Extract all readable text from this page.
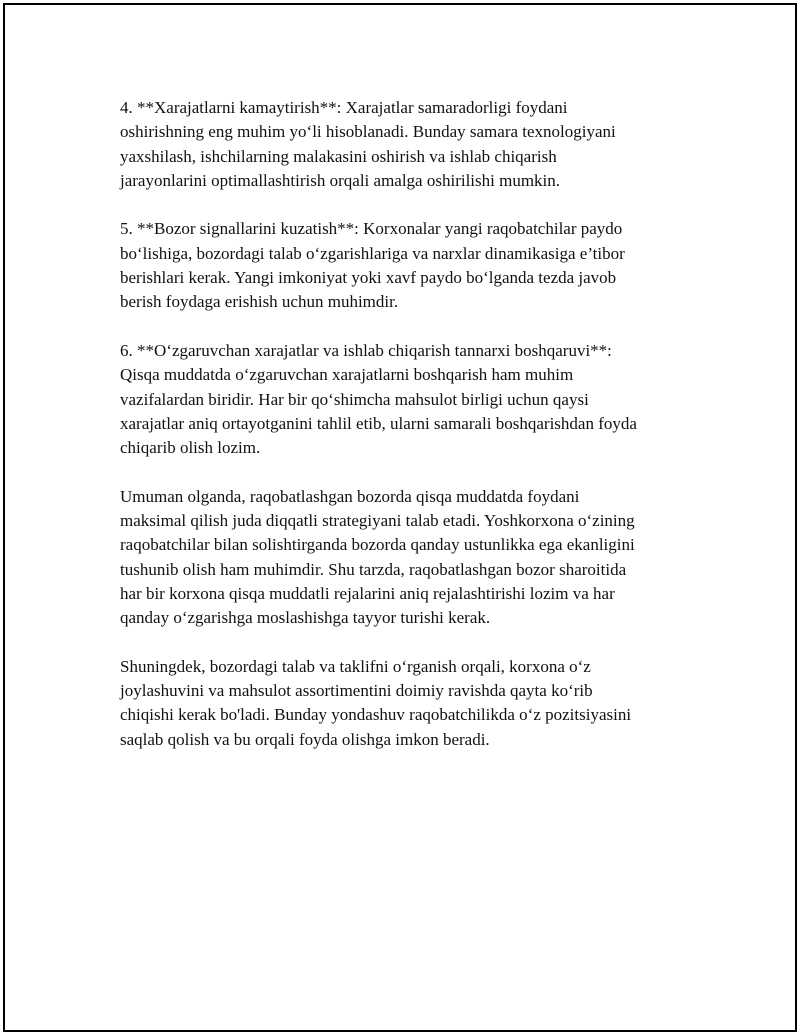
4. **Xarajatlarni kamaytirish**: Xarajatlar samaradorligi foydani
oshirishning eng muhim yo‘li hisoblanadi. Bunday samara texnologiyani
yaxshilash, ishchilarning malakasini oshirish va ishlab chiqarish
jarayonlarini optimallashtirish orqali amalga oshirilishi mumkin.

5. **Bozor signallarini kuzatish**: Korxonalar yangi raqobatchilar paydo
bo‘lishiga, bozordagi talab o‘zgarishlariga va narxlar dinamikasiga e’tibor
berishlari kerak. Yangi imkoniyat yoki xavf paydo bo‘lganda tezda javob
berish foydaga erishish uchun muhimdir.

6. **O‘zgaruvchan xarajatlar va ishlab chiqarish tannarxi boshqaruvi**:
Qisqa muddatda o‘zgaruvchan xarajatlarni boshqarish ham muhim
vazifalardan biridir. Har bir qo‘shimcha mahsulot birligi uchun qaysi
xarajatlar aniq ortayotganini tahlil etib, ularni samarali boshqarishdan foyda
chiqarib olish lozim.

Umuman olganda, raqobatlashgan bozorda qisqa muddatda foydani
maksimal qilish juda diqqatli strategiyani talab etadi. Yoshkorxona o‘zining
raqobatchilar bilan solishtirganda bozorda qanday ustunlikka ega ekanligini
tushunib olish ham muhimdir. Shu tarzda, raqobatlashgan bozor sharoitida
har bir korxona qisqa muddatli rejalarini aniq rejalashtirishi lozim va har
qanday o‘zgarishga moslashishga tayyor turishi kerak.

Shuningdek, bozordagi talab va taklifni o‘rganish orqali, korxona o‘z
joylashuvini va mahsulot assortimentini doimiy ravishda qayta ko‘rib
chiqishi kerak bo'ladi. Bunday yondashuv raqobatchilikda o‘z pozitsiyasini
saqlab qolish va bu orqali foyda olishga imkon beradi.
